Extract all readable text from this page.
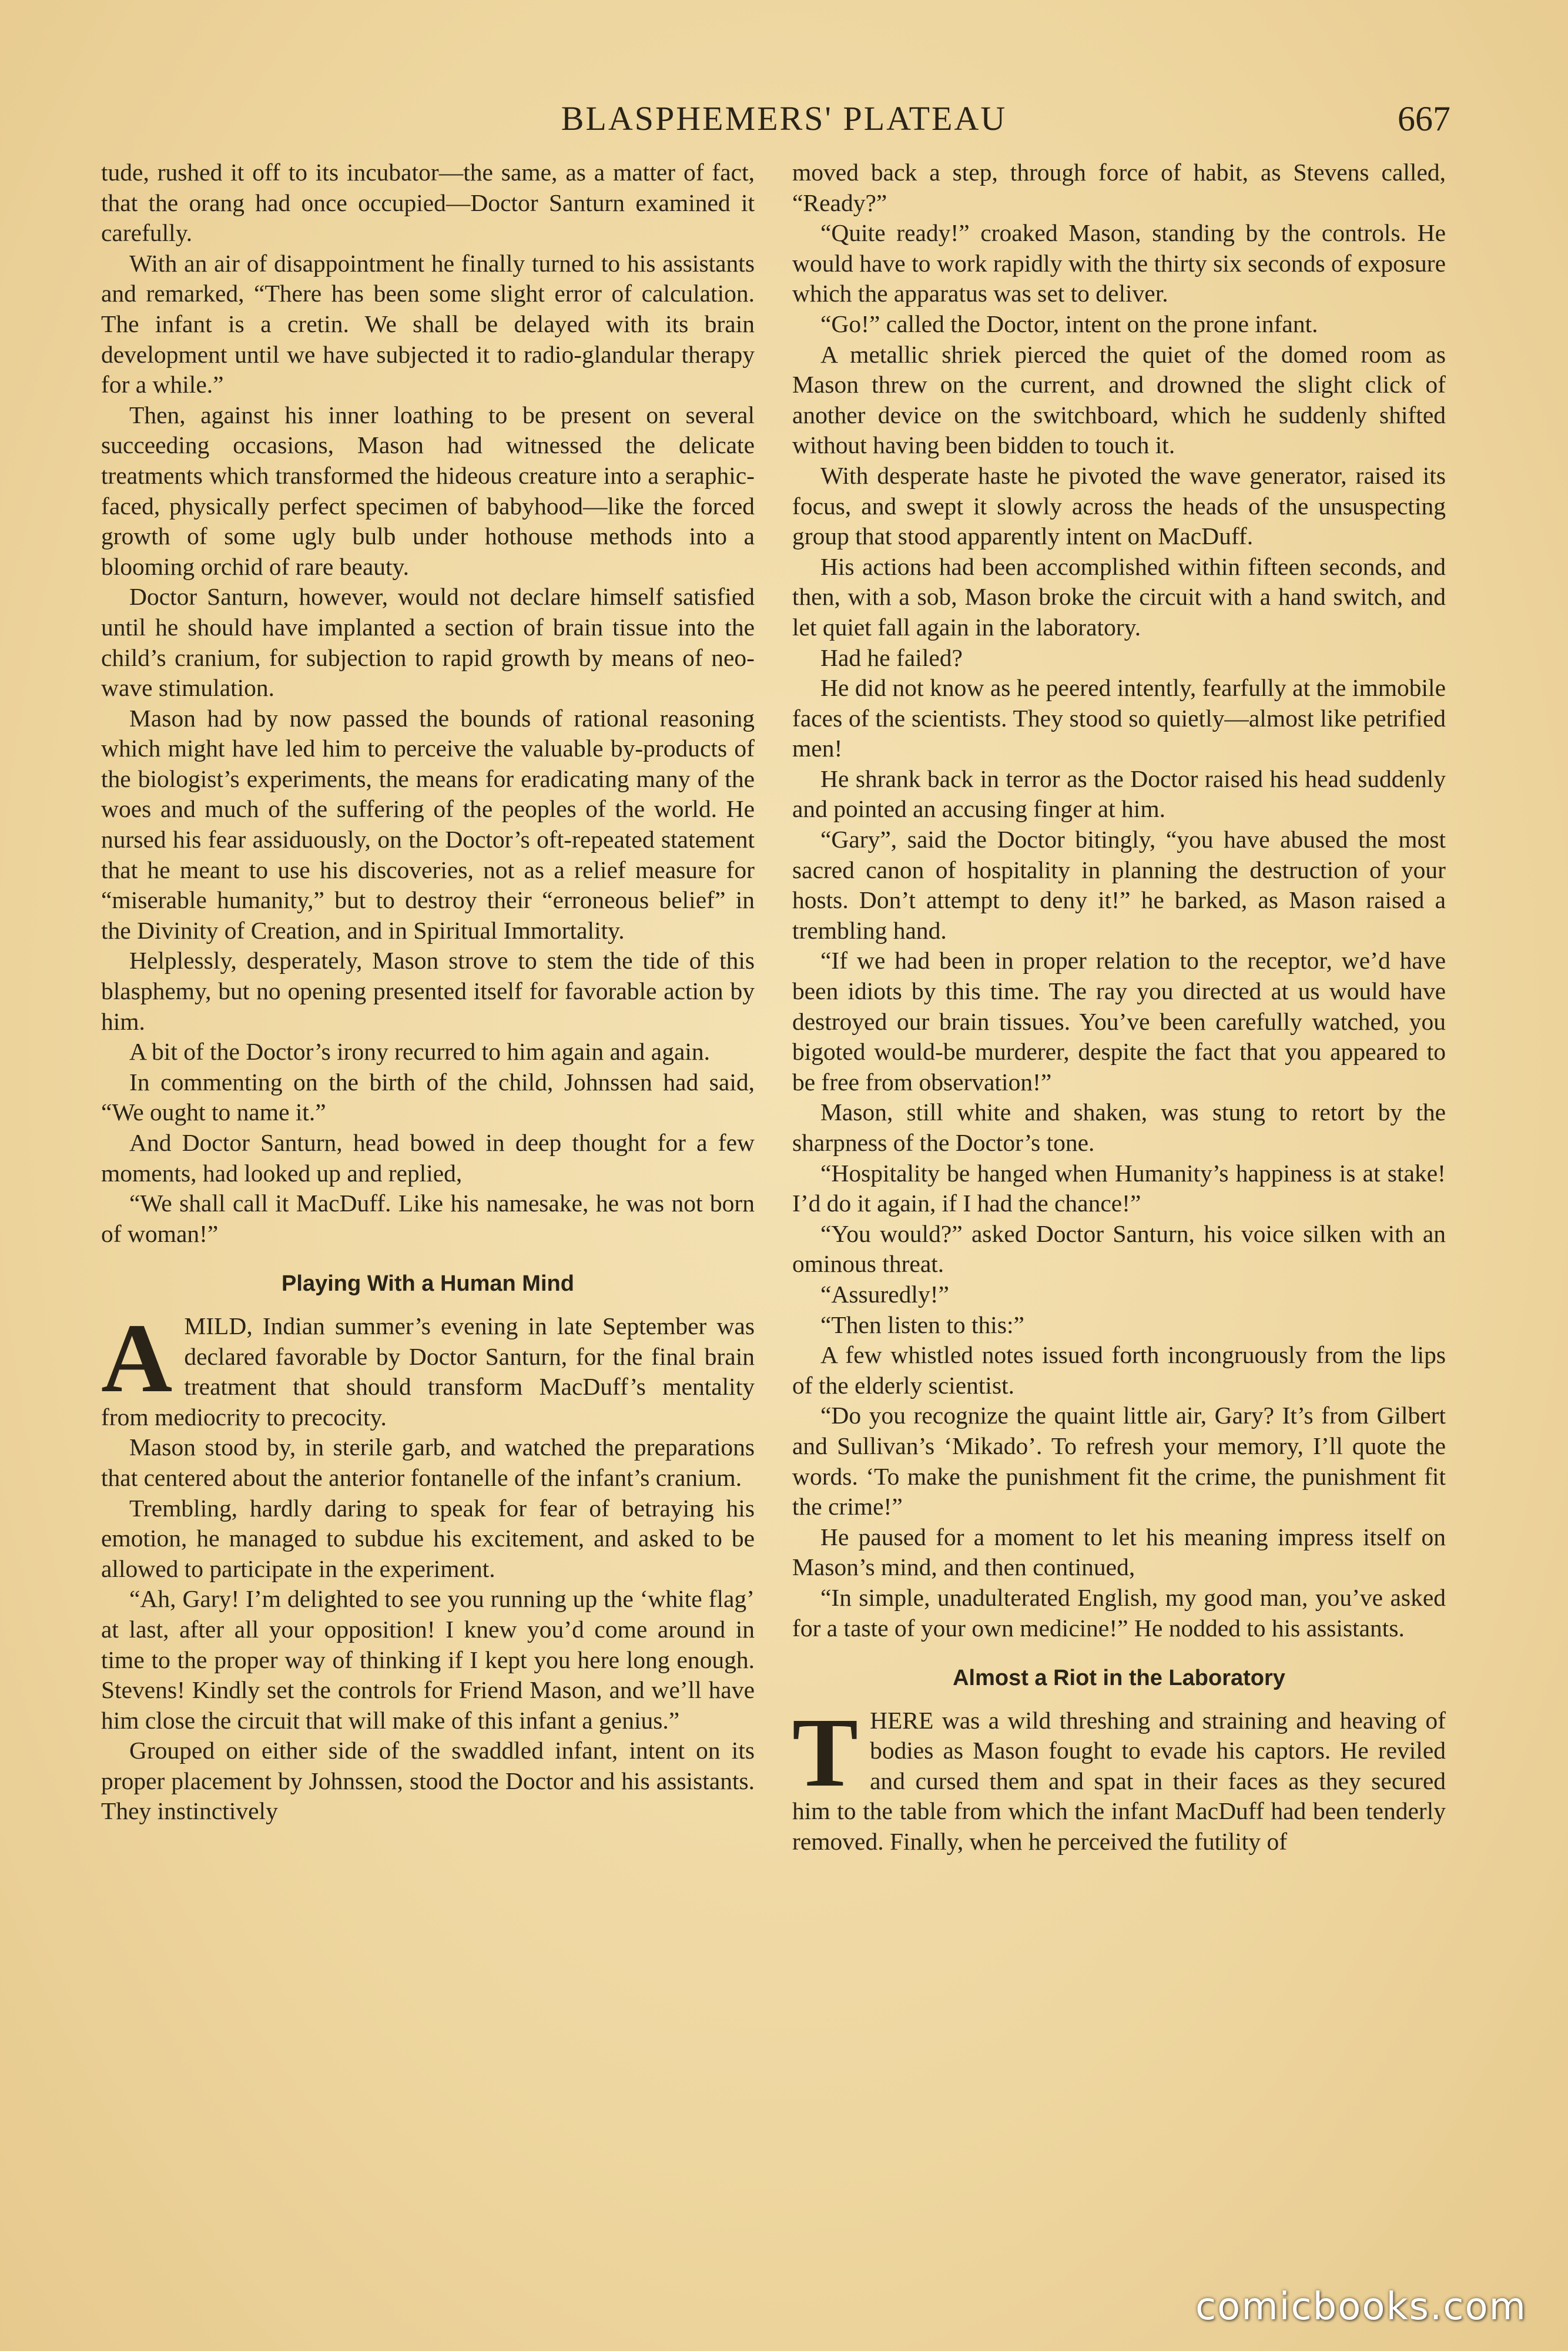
BLASPHEMERS' PLATEAU	667

tude, rushed it off to its incubator—the same, as a matter of fact, that the orang had once occupied—Doctor Santurn examined it carefully.

With an air of disappointment he finally turned to his assistants and remarked, “There has been some slight error of calculation. The infant is a cretin. We shall be delayed with its brain development until we have subjected it to radio-glandular therapy for a while.”

Then, against his inner loathing to be present on several succeeding occasions, Mason had witnessed the delicate treatments which transformed the hideous creature into a seraphic-faced, physically perfect specimen of babyhood—like the forced growth of some ugly bulb under hothouse methods into a blooming orchid of rare beauty.

Doctor Santurn, however, would not declare himself satisfied until he should have implanted a section of brain tissue into the child’s cranium, for subjection to rapid growth by means of neo-wave stimulation.

Mason had by now passed the bounds of rational reasoning which might have led him to perceive the valuable by-products of the biologist’s experiments, the means for eradicating many of the woes and much of the suffering of the peoples of the world. He nursed his fear assiduously, on the Doctor’s oft-repeated statement that he meant to use his discoveries, not as a relief measure for “miserable humanity,” but to destroy their “erroneous belief” in the Divinity of Creation, and in Spiritual Immortality.

Helplessly, desperately, Mason strove to stem the tide of this blasphemy, but no opening presented itself for favorable action by him.

A bit of the Doctor’s irony recurred to him again and again.

In commenting on the birth of the child, Johnssen had said, “We ought to name it.”

And Doctor Santurn, head bowed in deep thought for a few moments, had looked up and replied,

“We shall call it MacDuff. Like his namesake, he was not born of woman!”

Playing With a Human Mind

AMILD, Indian summer’s evening in late September was declared favorable by Doctor Santurn, for the final brain treatment that should transform MacDuff’s mentality from mediocrity to precocity.

Mason stood by, in sterile garb, and watched the preparations that centered about the anterior fontanelle of the infant’s cranium.

Trembling, hardly daring to speak for fear of betraying his emotion, he managed to subdue his excitement, and asked to be allowed to participate in the experiment.

“Ah, Gary! I’m delighted to see you running up the ‘white flag’ at last, after all your opposition! I knew you’d come around in time to the proper way of thinking if I kept you here long enough. Stevens! Kindly set the controls for Friend Mason, and we’ll have him close the circuit that will make of this infant a genius.”

Grouped on either side of the swaddled infant, intent on its proper placement by Johnssen, stood the Doctor and his assistants. They instinctively

moved back a step, through force of habit, as Stevens called, “Ready?”

“Quite ready!” croaked Mason, standing by the controls. He would have to work rapidly with the thirty six seconds of exposure which the apparatus was set to deliver.

“Go!” called the Doctor, intent on the prone infant.

A metallic shriek pierced the quiet of the domed room as Mason threw on the current, and drowned the slight click of another device on the switchboard, which he suddenly shifted without having been bidden to touch it.

With desperate haste he pivoted the wave generator, raised its focus, and swept it slowly across the heads of the unsuspecting group that stood apparently intent on MacDuff.

His actions had been accomplished within fifteen seconds, and then, with a sob, Mason broke the circuit with a hand switch, and let quiet fall again in the laboratory.

Had he failed?

He did not know as he peered intently, fearfully at the immobile faces of the scientists. They stood so quietly—almost like petrified men!

He shrank back in terror as the Doctor raised his head suddenly and pointed an accusing finger at him.

“Gary”, said the Doctor bitingly, “you have abused the most sacred canon of hospitality in planning the destruction of your hosts. Don’t attempt to deny it!” he barked, as Mason raised a trembling hand.

“If we had been in proper relation to the receptor, we’d have been idiots by this time. The ray you directed at us would have destroyed our brain tissues. You’ve been carefully watched, you bigoted would-be murderer, despite the fact that you appeared to be free from observation!”

Mason, still white and shaken, was stung to retort by the sharpness of the Doctor’s tone.

“Hospitality be hanged when Humanity’s happiness is at stake! I’d do it again, if I had the chance!”

“You would?” asked Doctor Santurn, his voice silken with an ominous threat.

“Assuredly!”

“Then listen to this:”

A few whistled notes issued forth incongruously from the lips of the elderly scientist.

“Do you recognize the quaint little air, Gary? It’s from Gilbert and Sullivan’s ‘Mikado’. To refresh your memory, I’ll quote the words. ‘To make the punishment fit the crime, the punishment fit the crime!”

He paused for a moment to let his meaning impress itself on Mason’s mind, and then continued,

“In simple, unadulterated English, my good man, you’ve asked for a taste of your own medicine!” He nodded to his assistants.

Almost a Riot in the Laboratory

THERE was a wild threshing and straining and heaving of bodies as Mason fought to evade his captors. He reviled and cursed them and spat in their faces as they secured him to the table from which the infant MacDuff had been tenderly removed. Finally, when he perceived the futility of

comicbooks.com
